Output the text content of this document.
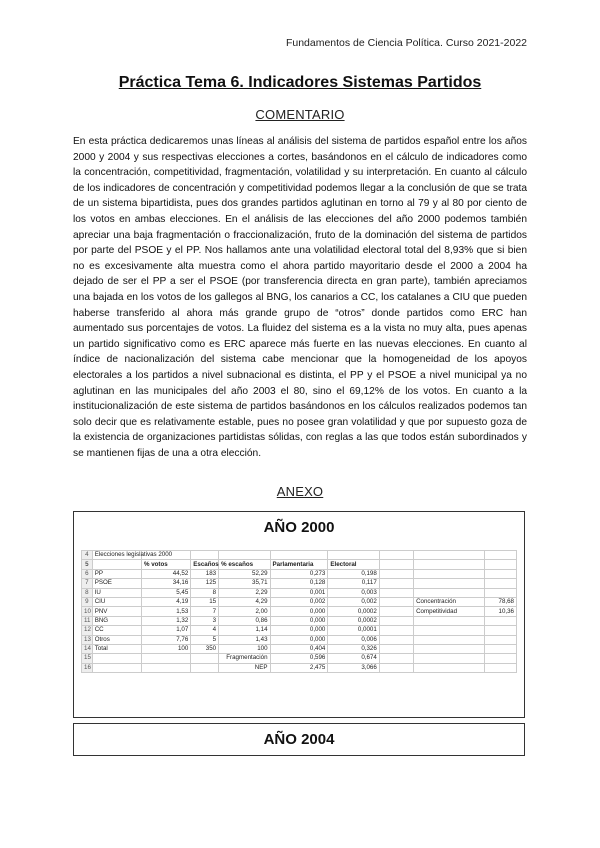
Fundamentos de Ciencia Política. Curso 2021-2022
Práctica Tema 6. Indicadores Sistemas Partidos
COMENTARIO

En esta práctica dedicaremos unas líneas al análisis del sistema de partidos español entre los años 2000 y 2004 y sus respectivas elecciones a cortes, basándonos en el cálculo de indicadores como la concentración, competitividad, fragmentación, volatilidad y su interpretación. En cuanto al cálculo de los indicadores de concentración y competitividad podemos llegar a la conclusión de que se trata de un sistema bipartidista, pues dos grandes partidos aglutinan en torno al 79 y al 80 por ciento de los votos en ambas elecciones. En el análisis de las elecciones del año 2000 podemos también apreciar una baja fragmentación o fraccionalización, fruto de la dominación del sistema de partidos por parte del PSOE y el PP. Nos hallamos ante una volatilidad electoral total del 8,93% que si bien no es excesivamente alta muestra como el ahora partido mayoritario desde el 2000 a 2004 ha dejado de ser el PP a ser el PSOE (por transferencia directa en gran parte), también apreciamos una bajada en los votos de los gallegos al BNG, los canarios a CC, los catalanes a CIU que pueden haberse transferido al ahora más grande grupo de “otros” donde partidos como ERC han aumentado sus porcentajes de votos. La fluidez del sistema es a la vista no muy alta, pues apenas un partido significativo como es ERC aparece más fuerte en las nuevas elecciones. En cuanto al índice de nacionalización del sistema cabe mencionar que la homogeneidad de los apoyos electorales a los partidos a nivel subnacional es distinta, el PP y el PSOE a nivel municipal ya no aglutinan en las municipales del año 2003 el 80, sino el 69,12% de los votos. En cuanto a la institucionalización de este sistema de partidos basándonos en los cálculos realizados podemos tan solo decir que es relativamente estable, pues no posee gran volatilidad y que por supuesto goza de la existencia de organizaciones partidistas sólidas, con reglas a las que todos están subordinados y se mantienen fijas de una a otra elección.

ANEXO
AÑO 2000
4	Elecciones legislativas 2000								
5		% votos	Escaños	% escaños	Parlamentaria	Electoral			
6	PP	44,52	183	52,29	0,273	0,198			
7	PSOE	34,16	125	35,71	0,128	0,117			
8	IU	5,45	8	2,29	0,001	0,003			
9	CIU	4,19	15	4,29	0,002	0,002		Concentración	78,68
10	PNV	1,53	7	2,00	0,000	0,0002		Competitividad	10,36
11	BNG	1,32	3	0,86	0,000	0,0002			
12	CC	1,07	4	1,14	0,000	0,0001			
13	Otros	7,76	5	1,43	0,000	0,006			
14	Total	100	350	100	0,404	0,326			
15				Fragmentación	0,596	0,674			
16				NEP	2,475	3,066			
AÑO 2004
